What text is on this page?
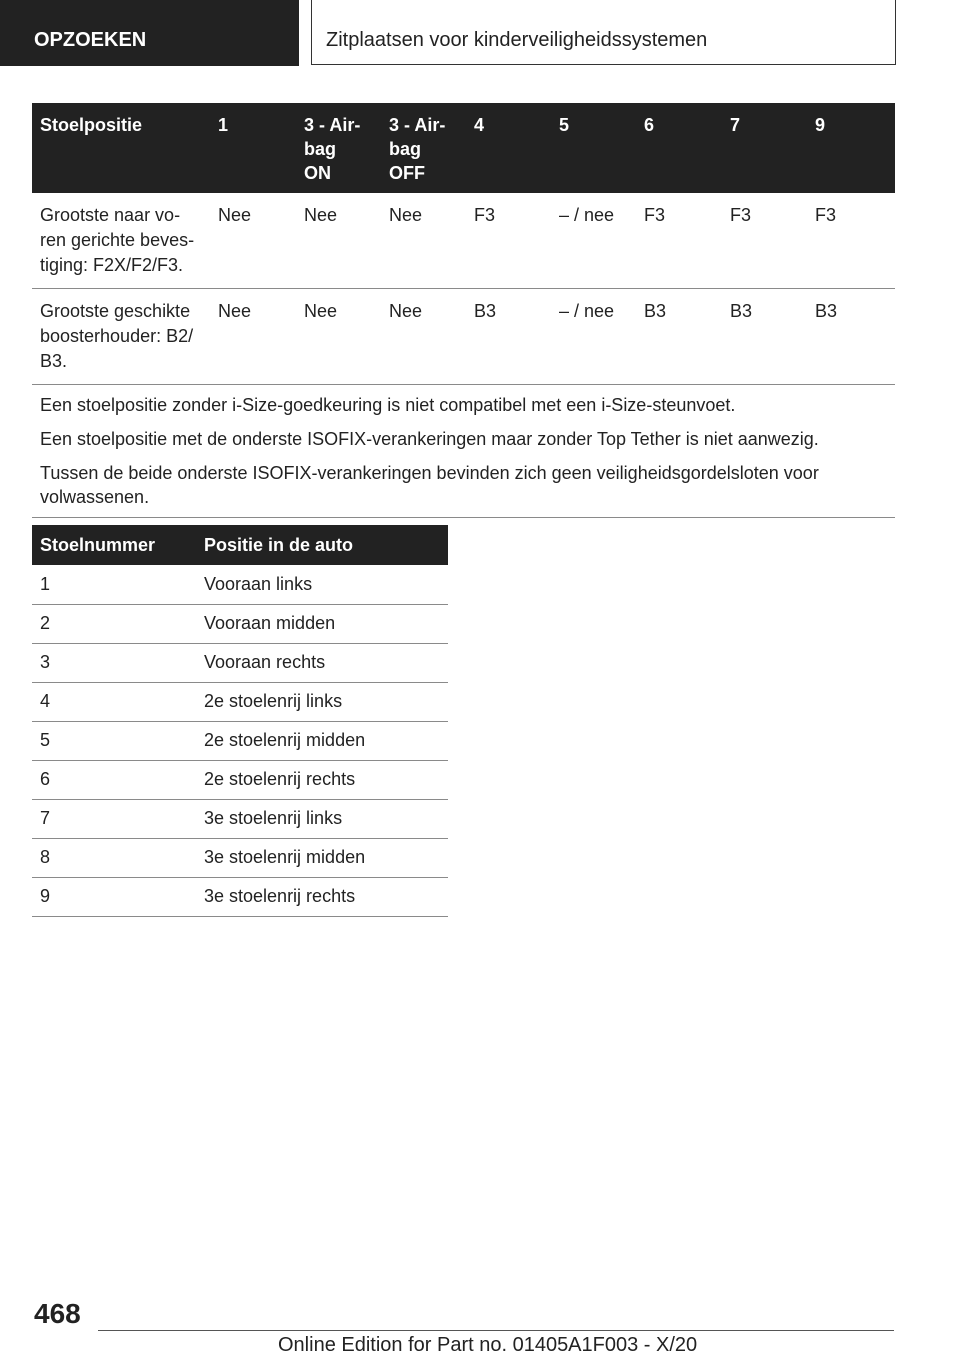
OPZOEKEN	Zitplaatsen voor kinderveiligheidssystemen
Stoelpositie	1	3 - Air-
bag
ON	3 - Air-
bag
OFF	4	5	6	7	9
Grootste naar vo-
ren gerichte beves-
tiging: F2X/F2/F3.	Nee	Nee	Nee	F3	– / nee	F3	F3	F3
Grootste geschikte
boosterhouder: B2/
B3.	Nee	Nee	Nee	B3	– / nee	B3	B3	B3

Een stoelpositie zonder i-Size-goedkeuring is niet compatibel met een i-Size-steunvoet.
Een stoelpositie met de onderste ISOFIX-verankeringen maar zonder Top Tether is niet aanwezig.
Tussen de beide onderste ISOFIX-verankeringen bevinden zich geen veiligheidsgordelsloten voor volwassenen.								
Stoelnummer	Positie in de auto
1	Vooraan links
2	Vooraan midden
3	Vooraan rechts
4	2e stoelenrij links
5	2e stoelenrij midden
6	2e stoelenrij rechts
7	3e stoelenrij links
8	3e stoelenrij midden
9	3e stoelenrij rechts
468
Online Edition for Part no. 01405A1F003 - X/20
